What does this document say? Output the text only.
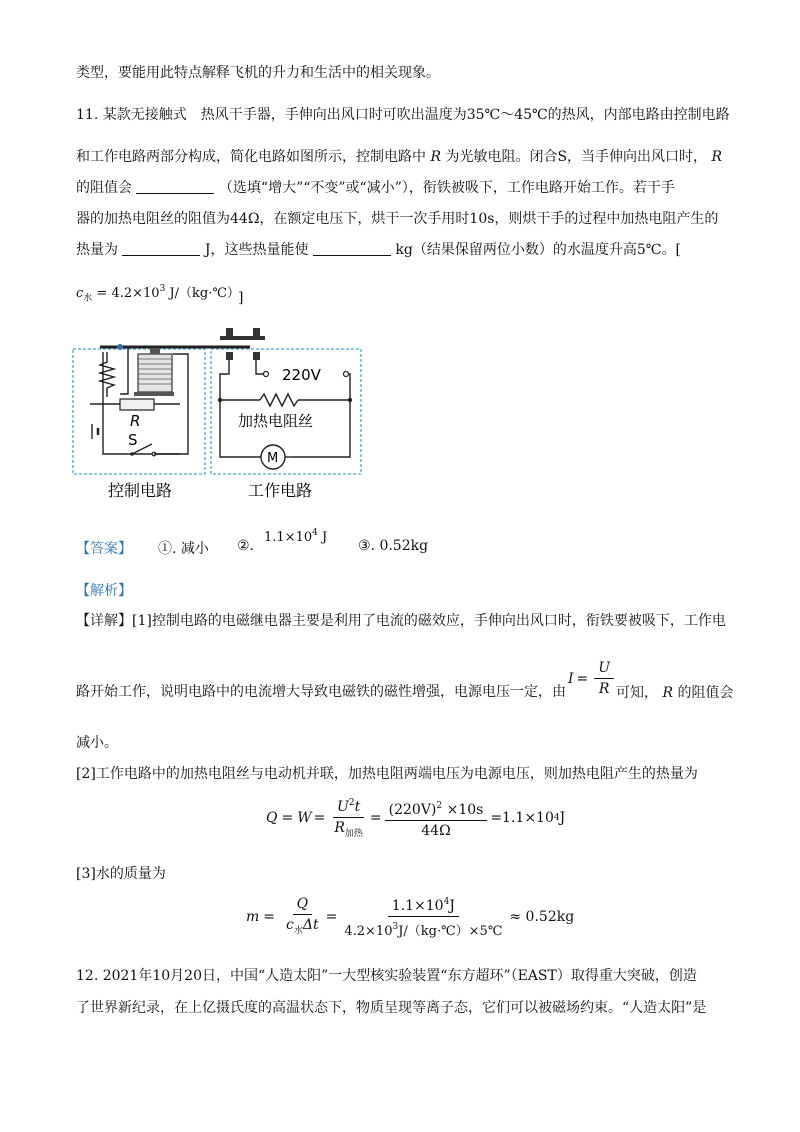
类型，要能用此特点解释飞机的升力和生活中的相关现象。
11. 某款无接触式　热风干手器，手伸向出风口时可吹出温度为35℃～45℃的热风，内部电路由控制电路
和工作电路两部分构成，简化电路如图所示，控制电路中 R 为光敏电阻。闭合S，当手伸向出风口时， R
的阻值会	（选填“增大”“不变”或“减小”），衔铁被吸下，工作电路开始工作。若干手
器的加热电阻丝的阻值为44Ω，在额定电压下，烘干一次手用时10s，则烘干手的过程中加热电阻产生的
热量为	J，这些热量能使	kg（结果保留两位小数）的水温度升高5℃。[
$c_水 = 4.2\times 10^3$ J/（kg·℃）
]
R
S
220V
加热电阻丝
M
控制电路	工作电路
【答案】 ①. 减小 ②.
$1.1\times 10^4$ J
③. 0.52kg
【解析】
【详解】[1]控制电路的电磁继电器主要是利用了电流的磁效应，手伸向出风口时，衔铁要被吸下，工作电
路开始工作，说明电路中的电流增大导致电磁铁的磁性增强，电源电压一定，由
$I = \frac{U}{R}$ 可知， R 的阻值会
减小。
[2]工作电路中的加热电阻丝与电动机并联，加热电阻两端电压为电源电压，则加热电阻产生的热量为
$Q = W = \frac{U^2t}{R_{加热}} = \frac{(220V)^2 \times 10s}{44\Omega} =1.1\times 10$ 4 J
[3]水的质量为
$m = \frac{Q}{c_水\Delta t} = \frac{1.1\times 10^4J}{4.2\times 10^3J/(kg\cdot℃)\times 5℃} \approx 0.52kg$
12. 2021年10月20日，中国“人造太阳”一大型核实验装置“东方超环”（EAST）取得重大突破，创造
了世界新纪录，在上亿摄氏度的高温状态下，物质呈现等离子态，它们可以被磁场约束。“人造太阳”是
